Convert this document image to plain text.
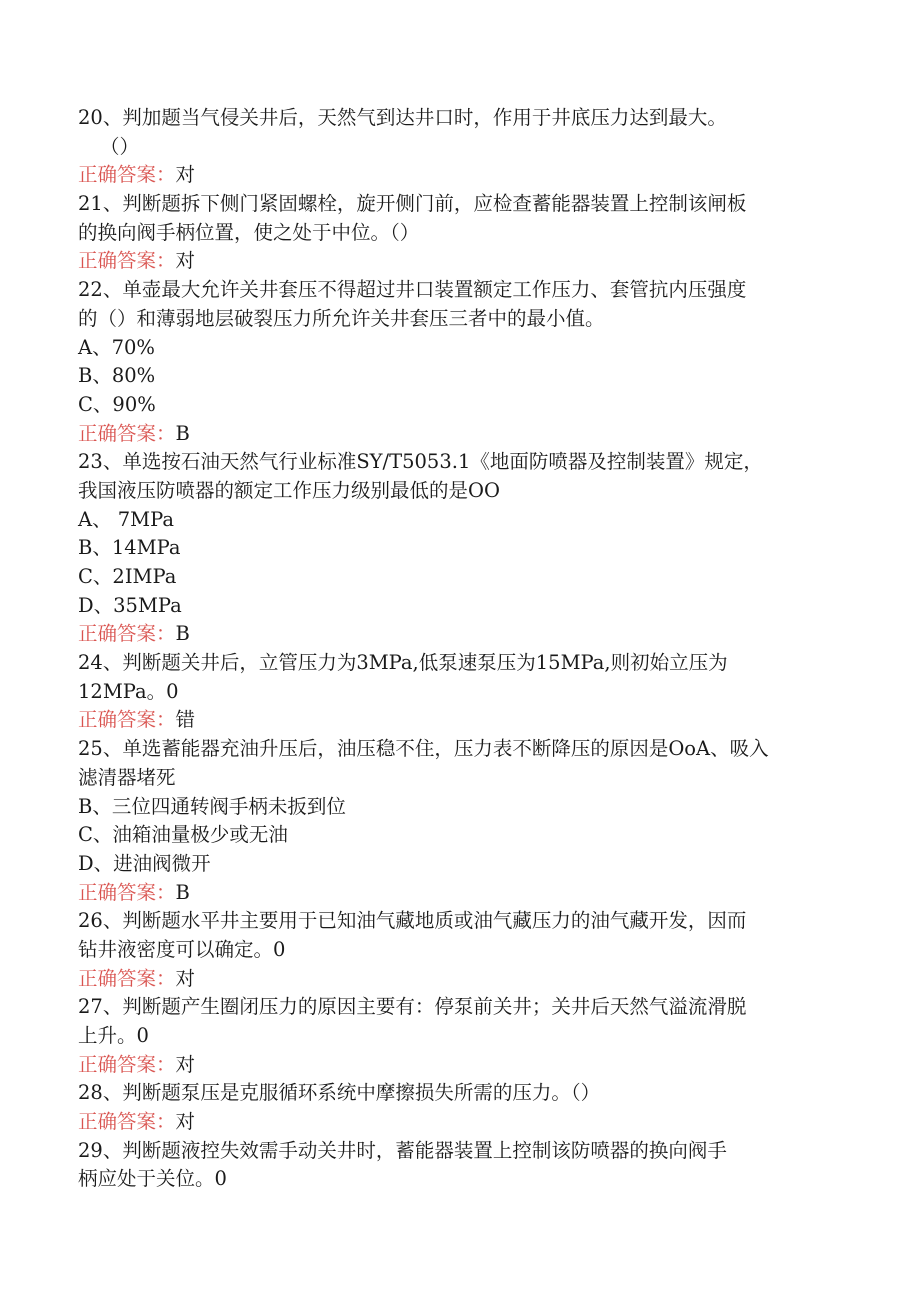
20、判加题当气侵关井后，天然气到达井口时，作用于井底压力达到最大。
（）
正确答案：对
21、判断题拆下侧门紧固螺栓，旋开侧门前，应检查蓄能器装置上控制该闸板
的换向阀手柄位置，使之处于中位。（）
正确答案：对
22、单壶最大允许关井套压不得超过井口装置额定工作压力、套管抗内压强度
的（）和薄弱地层破裂压力所允许关井套压三者中的最小值。
A、70%
B、80%
C、90%
正确答案：B
23、单选按石油天然气行业标准SY/T5053.1《地面防喷器及控制装置》规定，
我国液压防喷器的额定工作压力级别最低的是OO
A、 7MPa
B、14MPa
C、2IMPa
D、35MPa
正确答案：B
24、判断题关井后，立管压力为3MPa,低泵速泵压为15MPa,则初始立压为
12MPa。0
正确答案：错
25、单选蓄能器充油升压后，油压稳不住，压力表不断降压的原因是OoA、吸入
滤清器堵死
B、三位四通转阀手柄未扳到位
C、油箱油量极少或无油
D、进油阀微开
正确答案：B
26、判断题水平井主要用于已知油气藏地质或油气藏压力的油气藏开发，因而
钻井液密度可以确定。0
正确答案：对
27、判断题产生圈闭压力的原因主要有：停泵前关井；关井后天然气溢流滑脱
上升。0
正确答案：对
28、判断题泵压是克服循环系统中摩擦损失所需的压力。（）
正确答案：对
29、判断题液控失效需手动关井时，蓄能器装置上控制该防喷器的换向阀手
柄应处于关位。0
